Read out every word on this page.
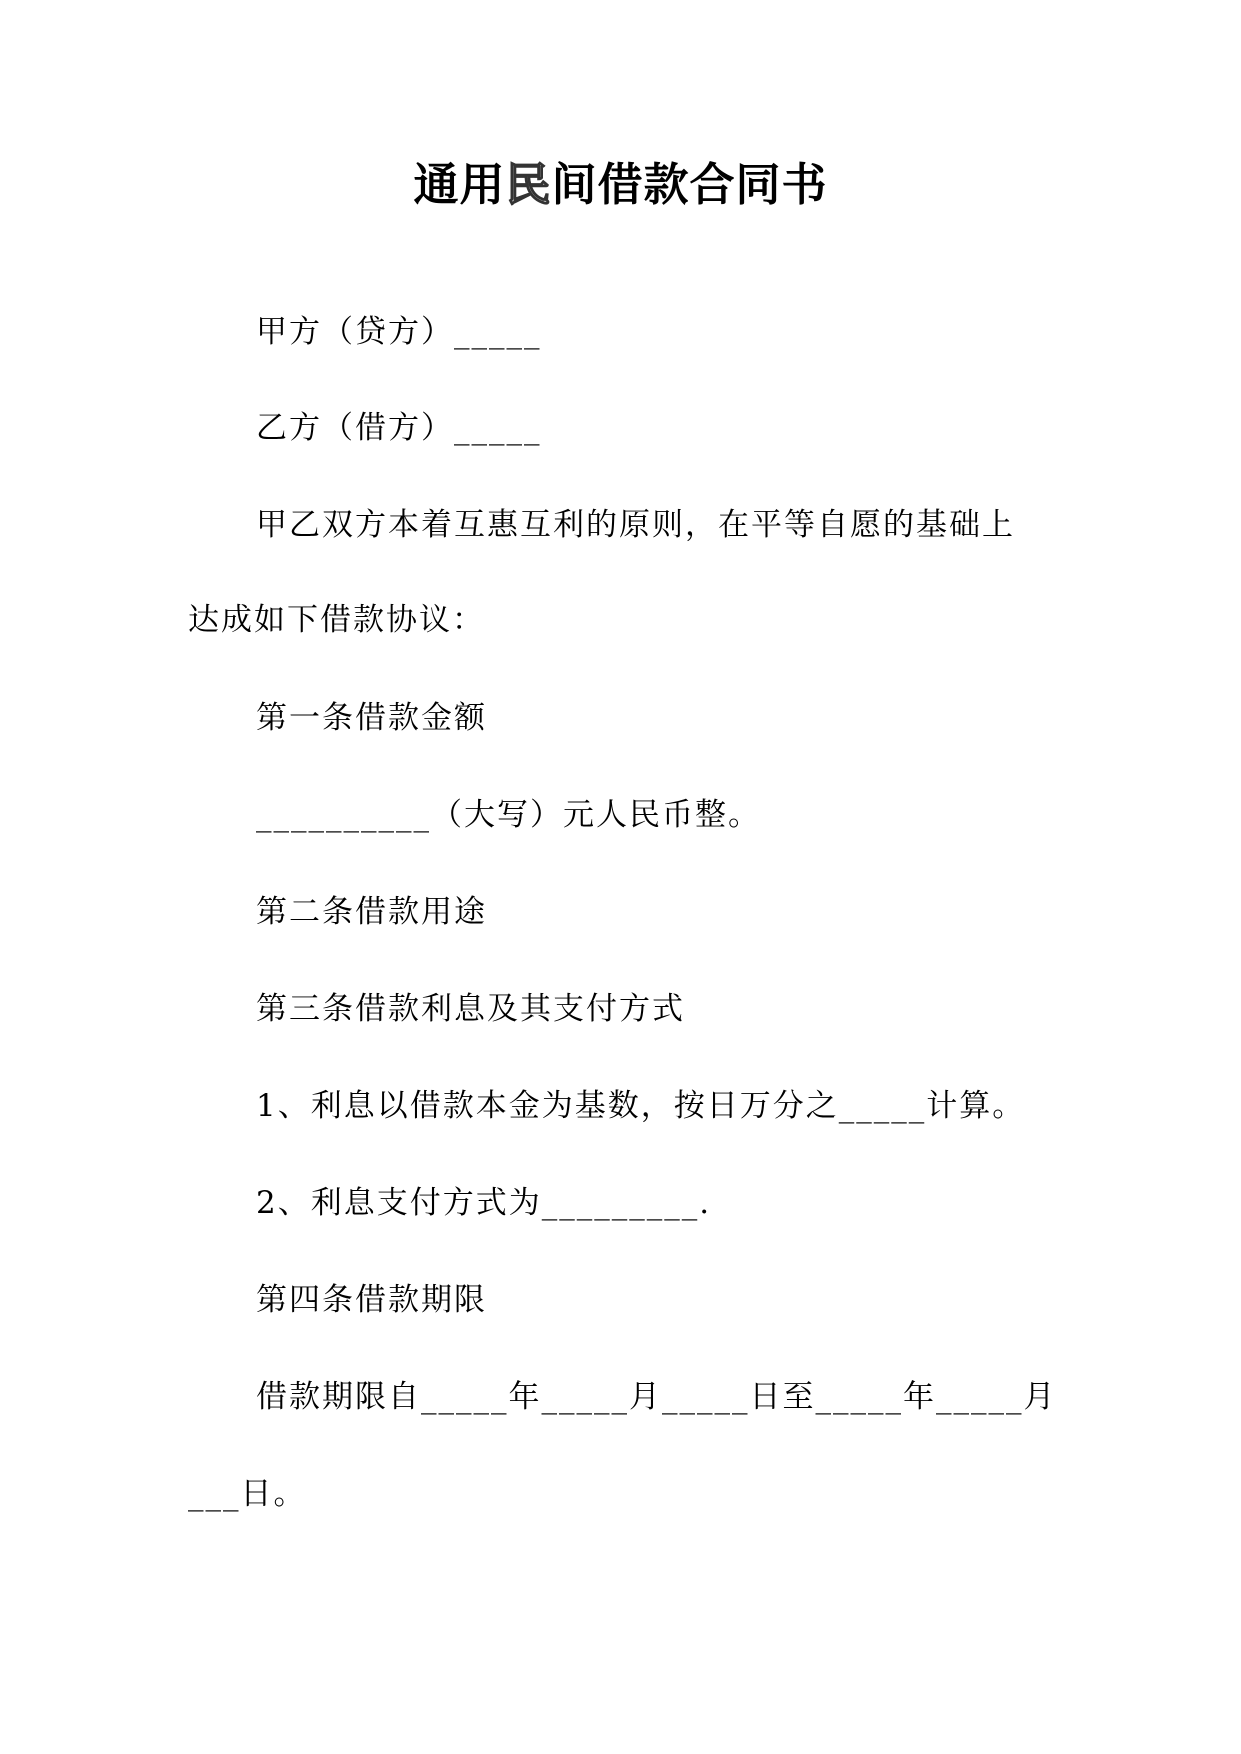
通用民间借款合同书
甲方（贷方）_____
乙方（借方）_____
甲乙双方本着互惠互利的原则，在平等自愿的基础上
达成如下借款协议：
第一条借款金额
__________（大写）元人民币整。
第二条借款用途
第三条借款利息及其支付方式
1、利息以借款本金为基数，按日万分之_____计算。
2、利息支付方式为_________.
第四条借款期限
借款期限自_____年_____月_____日至_____年_____月
___日。
